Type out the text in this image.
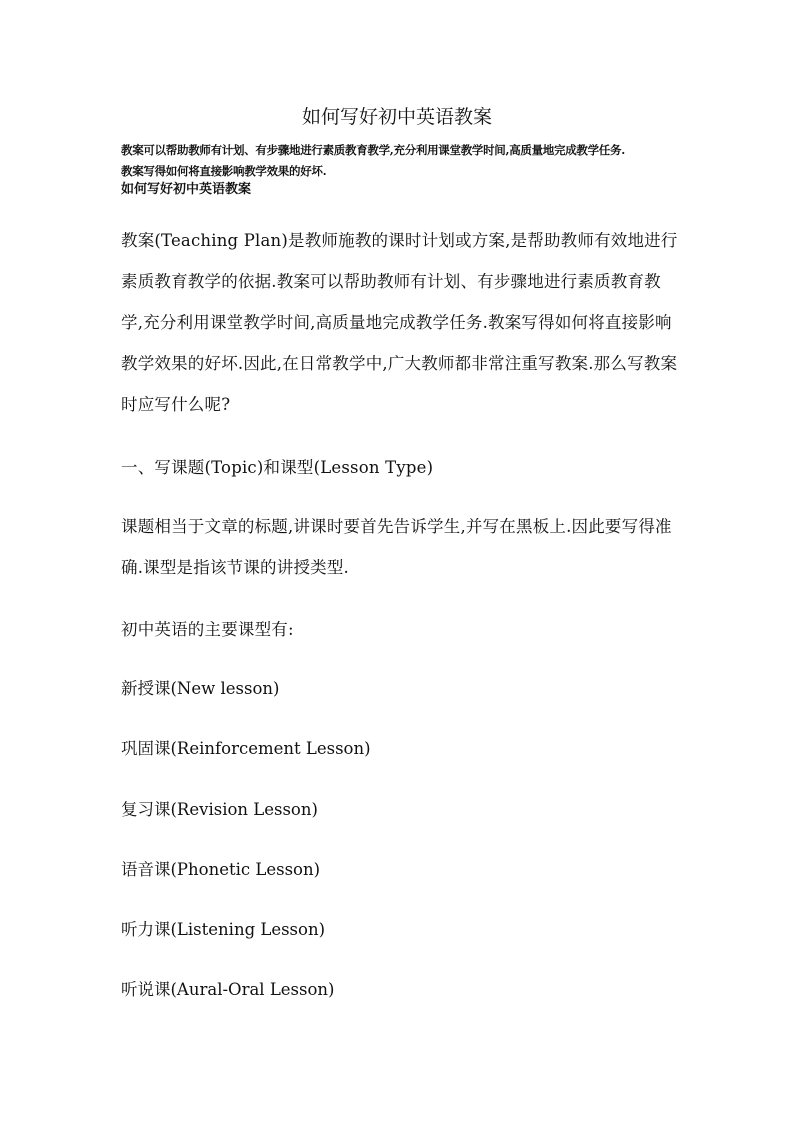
如何写好初中英语教案
教案可以帮助教师有计划、有步骤地进行素质教育教学,充分利用课堂教学时间,高质量地完成教学任务.
教案写得如何将直接影响教学效果的好坏.
如何写好初中英语教案

教案(Teaching Plan)是教师施教的课时计划或方案,是帮助教师有效地进行素质教育教学的依据.教案可以帮助教师有计划、有步骤地进行素质教育教学,充分利用课堂教学时间,高质量地完成教学任务.教案写得如何将直接影响教学效果的好坏.因此,在日常教学中,广大教师都非常注重写教案.那么写教案时应写什么呢?

一、写课题(Topic)和课型(Lesson Type)

课题相当于文章的标题,讲课时要首先告诉学生,并写在黑板上.因此要写得准确.课型是指该节课的讲授类型.

初中英语的主要课型有:

新授课(New lesson)

巩固课(Reinforcement Lesson)

复习课(Revision Lesson)

语音课(Phonetic Lesson)

听力课(Listening Lesson)

听说课(Aural-Oral Lesson)
